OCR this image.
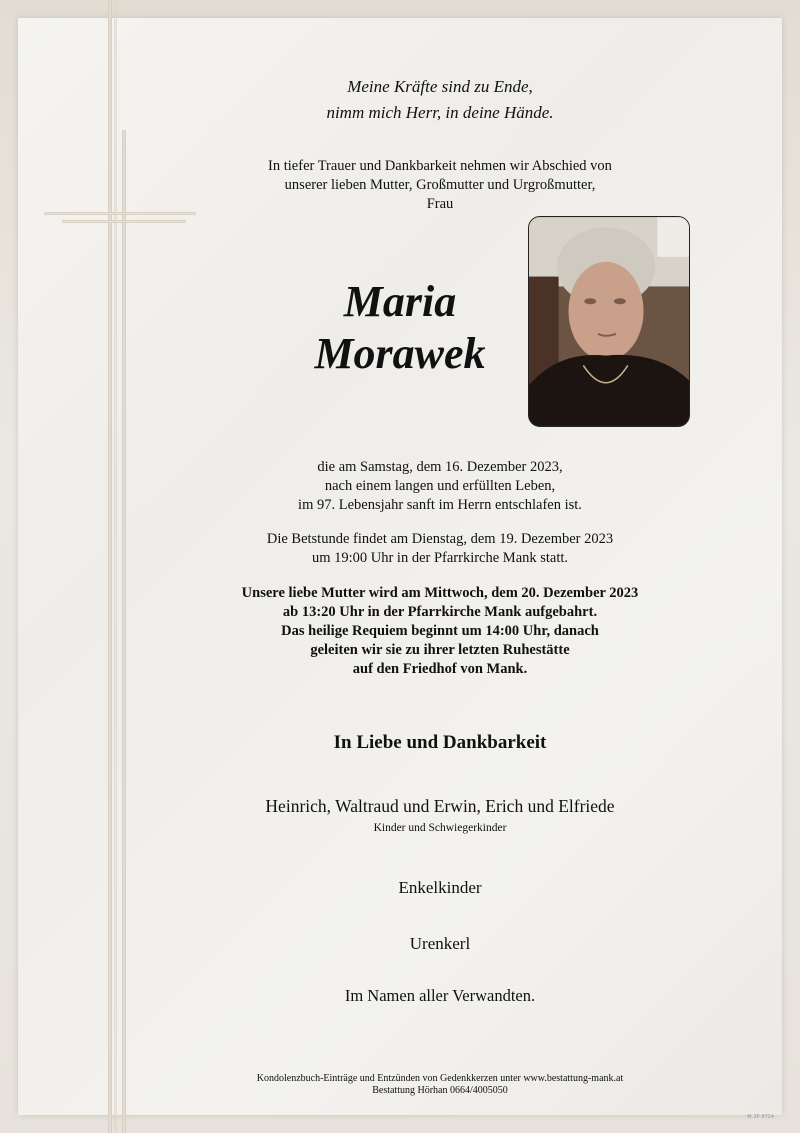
Meine Kräfte sind zu Ende,
nimm mich Herr, in deine Hände.
In tiefer Trauer und Dankbarkeit nehmen wir Abschied von
unserer lieben Mutter, Großmutter und Urgroßmutter,
Frau
Maria
Morawek
die am Samstag, dem 16. Dezember 2023,
nach einem langen und erfüllten Leben,
im 97. Lebensjahr sanft im Herrn entschlafen ist.
Die Betstunde findet am Dienstag, dem 19. Dezember 2023
um 19:00 Uhr in der Pfarrkirche Mank statt.
Unsere liebe Mutter wird am Mittwoch, dem 20. Dezember 2023
ab 13:20 Uhr in der Pfarrkirche Mank aufgebahrt.
Das heilige Requiem beginnt um 14:00 Uhr, danach
geleiten wir sie zu ihrer letzten Ruhestätte
auf den Friedhof von Mank.
In Liebe und Dankbarkeit
Heinrich, Waltraud und Erwin, Erich und Elfriede
Kinder und Schwiegerkinder
Enkelkinder
Urenkerl
Im Namen aller Verwandten.
Kondolenzbuch-Einträge und Entzünden von Gedenkkerzen unter www.bestattung-mank.at
Bestattung Hörhan 0664/4005050
⌘ 2P 9724
